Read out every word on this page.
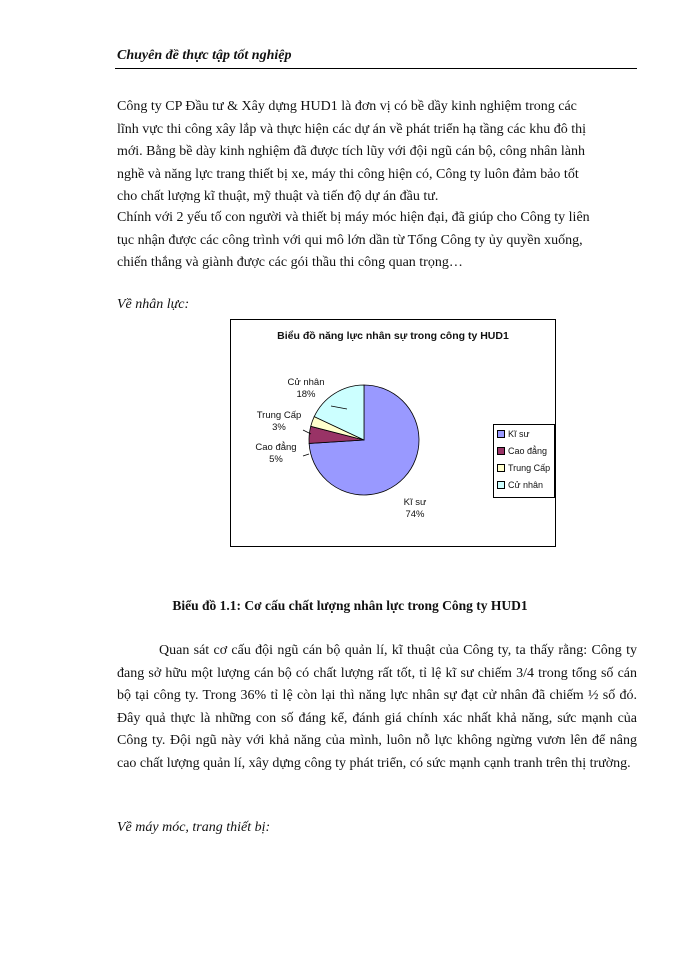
Chuyên đề thực tập tốt nghiệp

Công ty CP Đầu tư & Xây dựng HUD1 là đơn vị có bề dầy kinh nghiệm trong các
lĩnh vực thi công xây lắp và thực hiện các dự án về phát triển hạ tầng các khu đô thị
mới. Bằng bề dày kinh nghiệm đã được tích lũy với đội ngũ cán bộ, công nhân lành
nghề và năng lực trang thiết bị xe, máy thi công hiện có, Công ty luôn đảm bảo tốt
cho chất lượng kĩ thuật, mỹ thuật và tiến độ dự án đầu tư.

Chính với 2 yếu tố con người và thiết bị máy móc hiện đại, đã giúp cho Công ty liên
tục nhận được các công trình với qui mô lớn dần từ Tổng Công ty ủy quyền xuống,
chiến thắng và giành được các gói thầu thi công quan trọng…

Về nhân lực:
Biểu đồ năng lực nhân sự trong công ty HUD1
Cử nhân
18%
Trung Cấp
3%
Cao đẳng
5%
Kĩ sư
74%
Kĩ sư
Cao đẳng
Trung Cấp
Cử nhân
Biểu đồ 1.1: Cơ cấu chất lượng nhân lực trong Công ty HUD1

Quan sát cơ cấu đội ngũ cán bộ quản lí, kĩ thuật của Công ty, ta thấy rằng: Công ty đang sở hữu một lượng cán bộ có chất lượng rất tốt, tỉ lệ kĩ sư chiếm 3/4 trong tổng số cán bộ tại công ty. Trong 36% tỉ lệ còn lại thì năng lực nhân sự đạt cử nhân đã chiếm ½ số đó. Đây quả thực là những con số đáng kể, đánh giá chính xác nhất khả năng, sức mạnh của Công ty. Đội ngũ này với khả năng của mình, luôn nỗ lực không ngừng vươn lên để nâng cao chất lượng quản lí, xây dựng công ty phát triển, có sức mạnh cạnh tranh trên thị trường.

Về máy móc, trang thiết bị:
